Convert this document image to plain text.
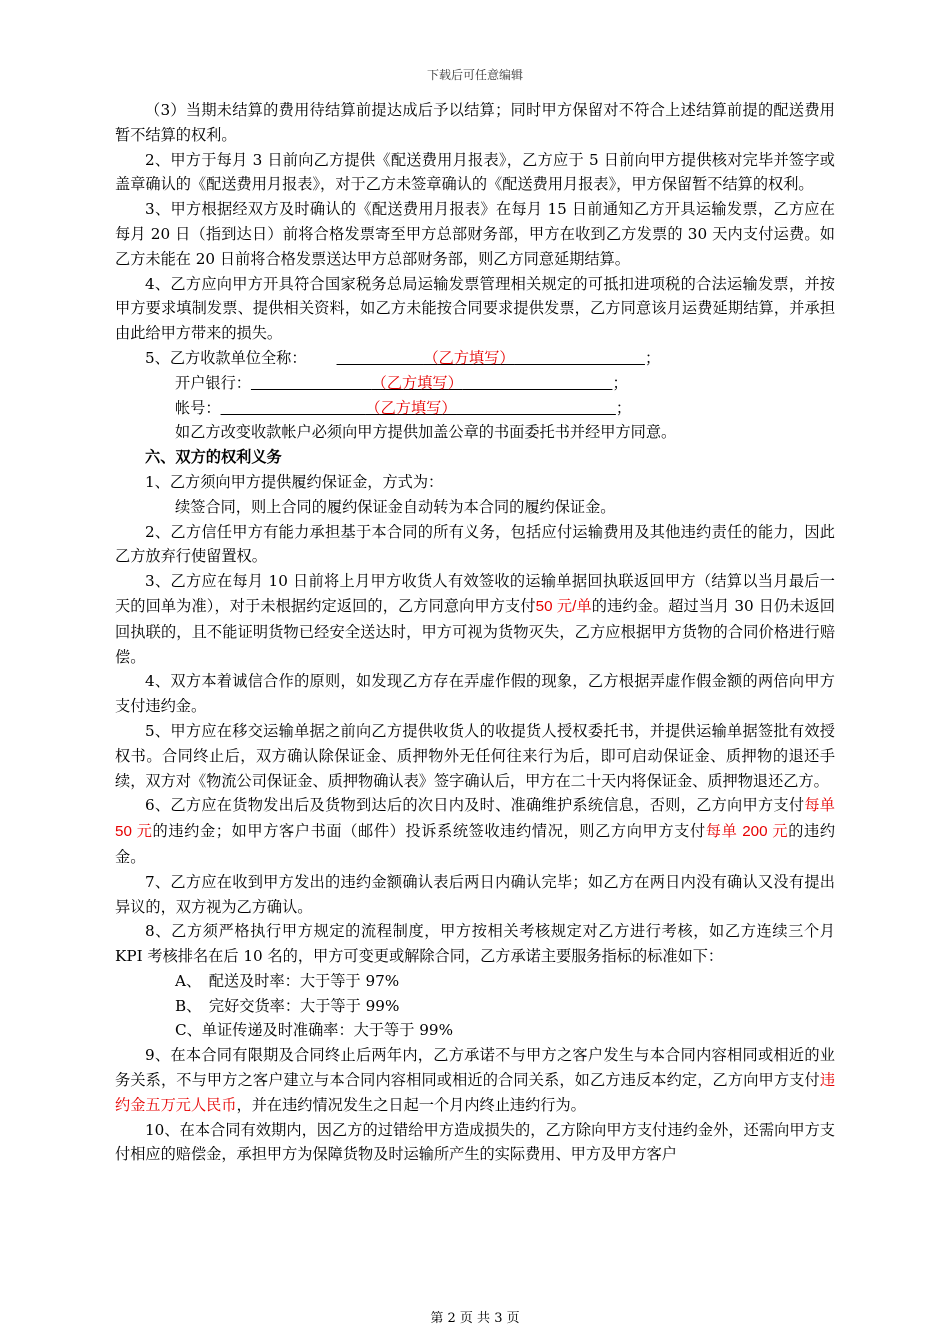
下载后可任意编辑

（3）当期未结算的费用待结算前提达成后予以结算；同时甲方保留对不符合上述结算前提的配送费用暂不结算的权利。

2、甲方于每月 3 日前向乙方提供《配送费用月报表》，乙方应于 5 日前向甲方提供核对完毕并签字或盖章确认的《配送费用月报表》，对于乙方未签章确认的《配送费用月报表》，甲方保留暂不结算的权利。

3、甲方根据经双方及时确认的《配送费用月报表》在每月 15 日前通知乙方开具运输发票，乙方应在每月 20 日（指到达日）前将合格发票寄至甲方总部财务部，甲方在收到乙方发票的 30 天内支付运费。如乙方未能在 20 日前将合格发票送达甲方总部财务部，则乙方同意延期结算。

4、乙方应向甲方开具符合国家税务总局运输发票管理相关规定的可抵扣进项税的合法运输发票，并按甲方要求填制发票、提供相关资料，如乙方未能按合同要求提供发票，乙方同意该月运费延期结算，并承担由此给甲方带来的损失。

5、乙方收款单位全称：	（乙方填写）	；

开户银行：	（乙方填写）	；

帐号：	（乙方填写）	；

如乙方改变收款帐户必须向甲方提供加盖公章的书面委托书并经甲方同意。

六、双方的权利义务

1、乙方须向甲方提供履约保证金，方式为：

续签合同，则上合同的履约保证金自动转为本合同的履约保证金。

2、乙方信任甲方有能力承担基于本合同的所有义务，包括应付运输费用及其他违约责任的能力，因此乙方放弃行使留置权。

3、乙方应在每月 10 日前将上月甲方收货人有效签收的运输单据回执联返回甲方（结算以当月最后一天的回单为准），对于未根据约定返回的，乙方同意向甲方支付50 元/单的违约金。超过当月 30 日仍未返回回执联的，且不能证明货物已经安全送达时，甲方可视为货物灭失，乙方应根据甲方货物的合同价格进行赔偿。

4、双方本着诚信合作的原则，如发现乙方存在弄虚作假的现象，乙方根据弄虚作假金额的两倍向甲方支付违约金。

5、甲方应在移交运输单据之前向乙方提供收货人的收提货人授权委托书，并提供运输单据签批有效授权书。合同终止后，双方确认除保证金、质押物外无任何往来行为后，即可启动保证金、质押物的退还手续，双方对《物流公司保证金、质押物确认表》签字确认后，甲方在二十天内将保证金、质押物退还乙方。

6、乙方应在货物发出后及货物到达后的次日内及时、准确维护系统信息，否则，乙方向甲方支付每单 50 元的违约金；如甲方客户书面（邮件）投诉系统签收违约情况，则乙方向甲方支付每单 200 元的违约金。

7、乙方应在收到甲方发出的违约金额确认表后两日内确认完毕；如乙方在两日内没有确认又没有提出异议的，双方视为乙方确认。

8、乙方须严格执行甲方规定的流程制度，甲方按相关考核规定对乙方进行考核，如乙方连续三个月 KPI 考核排名在后 10 名的，甲方可变更或解除合同，乙方承诺主要服务指标的标准如下：

A、　配送及时率：大于等于 97%

B、　完好交货率：大于等于 99%

C、单证传递及时准确率：大于等于 99%

9、在本合同有限期及合同终止后两年内，乙方承诺不与甲方之客户发生与本合同内容相同或相近的业务关系，不与甲方之客户建立与本合同内容相同或相近的合同关系，如乙方违反本约定，乙方向甲方支付违约金五万元人民币，并在违约情况发生之日起一个月内终止违约行为。

10、在本合同有效期内，因乙方的过错给甲方造成损失的，乙方除向甲方支付违约金外，还需向甲方支付相应的赔偿金，承担甲方为保障货物及时运输所产生的实际费用、甲方及甲方客户

第 2 页 共 3 页
